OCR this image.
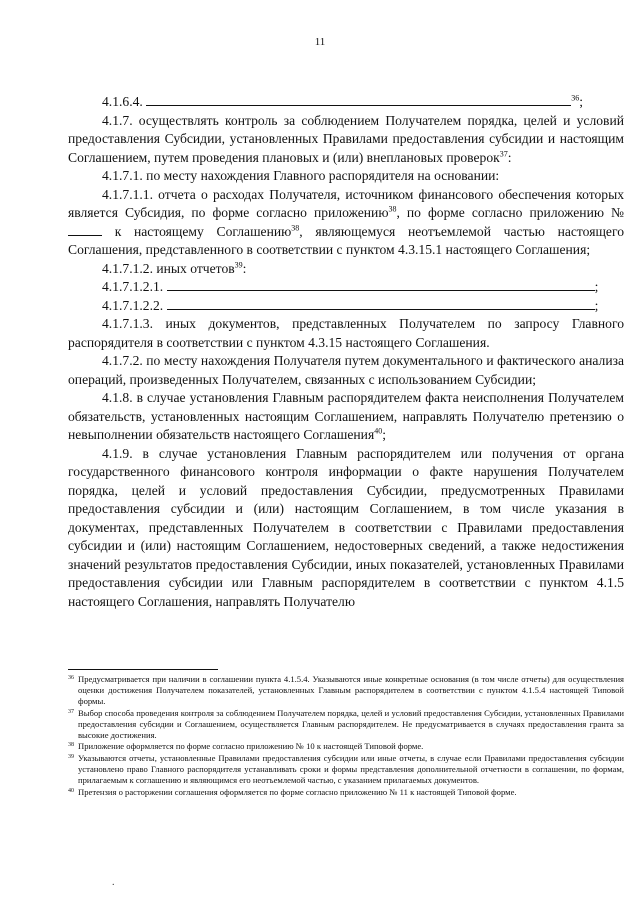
11

4.1.6.4.	$^{36}$;

4.1.7. осуществлять контроль за соблюдением Получателем порядка, целей и условий предоставления Субсидии, установленных Правилами предоставления субсидии и настоящим Соглашением, путем проведения плановых и (или) внеплановых проверок$^{37}$:

4.1.7.1. по месту нахождения Главного распорядителя на основании:

4.1.7.1.1. отчета о расходах Получателя, источником финансового обеспечения которых является Субсидия, по форме согласно приложению$^{38}$, по форме согласно приложению №  к настоящему Соглашению$^{38}$, являющемуся неотъемлемой частью настоящего Соглашения, представленного в соответствии с пунктом 4.3.15.1 настоящего Соглашения;

4.1.7.1.2. иных отчетов$^{39}$:

4.1.7.1.2.1.	;

4.1.7.1.2.2.	;

4.1.7.1.3. иных документов, представленных Получателем по запросу Главного распорядителя в соответствии с пунктом 4.3.15 настоящего Соглашения.

4.1.7.2. по месту нахождения Получателя путем документального и фактического анализа операций, произведенных Получателем, связанных с использованием Субсидии;

4.1.8. в случае установления Главным распорядителем факта неисполнения Получателем обязательств, установленных настоящим Соглашением, направлять Получателю претензию о невыполнении обязательств настоящего Соглашения$^{40}$;

4.1.9. в случае установления Главным распорядителем или получения от органа государственного финансового контроля информации о факте нарушения Получателем порядка, целей и условий предоставления Субсидии, предусмотренных Правилами предоставления субсидии и (или) настоящим Соглашением, в том числе указания в документах, представленных Получателем в соответствии с Правилами предоставления субсидии и (или) настоящим Соглашением, недостоверных сведений, а также недостижения значений результатов предоставления Субсидии, иных показателей, установленных Правилами предоставления субсидии или Главным распорядителем в соответствии с пунктом 4.1.5 настоящего Соглашения, направлять Получателю

36 Предусматривается при наличии в соглашении пункта 4.1.5.4. Указываются иные конкретные основания (в том числе отчеты) для осуществления оценки достижения Получателем показателей, установленных Главным распорядителем в соответствии с пунктом 4.1.5.4 настоящей Типовой формы.

37 Выбор способа проведения контроля за соблюдением Получателем порядка, целей и условий предоставления Субсидии, установленных Правилами предоставления субсидии и Соглашением, осуществляется Главным распорядителем. Не предусматривается в случаях предоставления гранта за высокие достижения.

38 Приложение оформляется по форме согласно приложению № 10 к настоящей Типовой форме.

39 Указываются отчеты, установленные Правилами предоставления субсидии или иные отчеты, в случае если Правилами предоставления субсидии установлено право Главного распорядителя устанавливать сроки и формы представления дополнительной отчетности в соглашении, по формам, прилагаемым к соглашению и являющимся его неотъемлемой частью, с указанием прилагаемых документов.

40 Претензия о расторжении соглашения оформляется по форме согласно приложению № 11 к настоящей Типовой форме.

.
